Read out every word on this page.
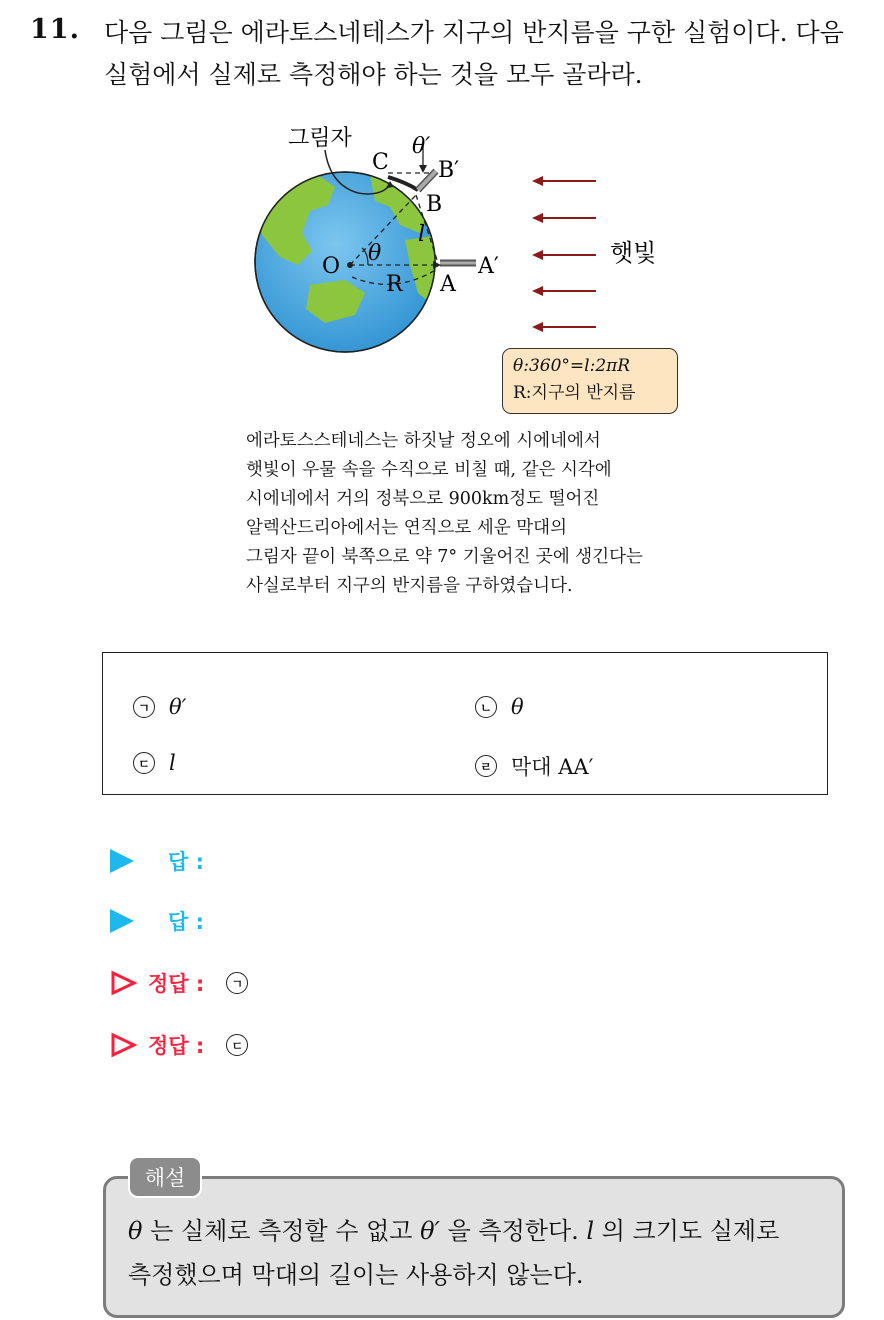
11. 다음 그림은 에라토스네테스가 지구의 반지름을 구한 실험이다. 다음 실험에서 실제로 측정해야 하는 것을 모두 골라라.
그림자	θ′
C B′
B
l
O
θ
R A
A′	햇빛
θ:360°=l:2πR
R:지구의 반지름
에라토스스테네스는 하짓날 정오에 시에네에서
햇빛이 우물 속을 수직으로 비칠 때, 같은 시각에
시에네에서 거의 정북으로 900km정도 떨어진
알렉산드리아에서는 연직으로 세운 막대의
그림자 끝이 북쪽으로 약 7° 기울어진 곳에 생긴다는
사실로부터 지구의 반지름을 구하였습니다.
ㄱ θ′	ㄴ θ
ㄷ l	ㄹ 막대 AA′
답 :
답 :
정답 :	ㄱ
정답 :	ㄷ
해설
θ 는 실체로 측정할 수 없고 θ′ 을 측정한다. l 의 크기도 실제로
측정했으며 막대의 길이는 사용하지 않는다.
